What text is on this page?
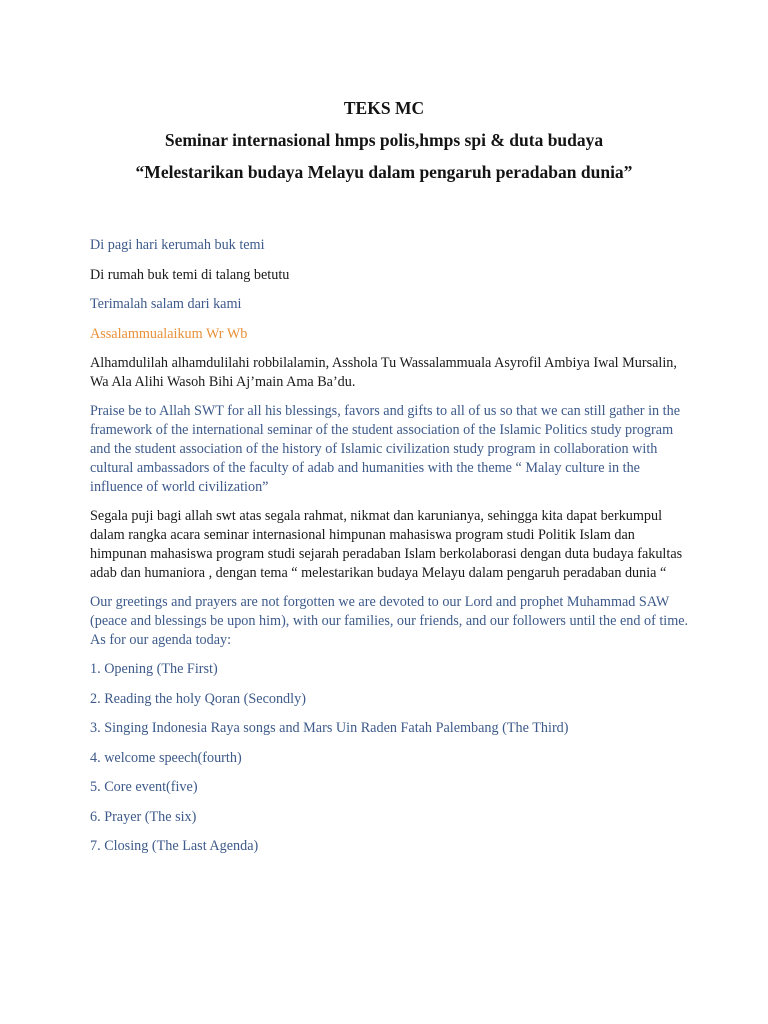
TEKS MC
Seminar internasional hmps polis,hmps spi & duta budaya
“Melestarikan budaya Melayu dalam pengaruh peradaban dunia”
Di pagi hari kerumah buk temi
Di rumah buk temi di talang betutu
Terimalah salam dari kami
Assalammualaikum Wr Wb

Alhamdulilah alhamdulilahi robbilalamin, Asshola Tu Wassalammuala Asyrofil Ambiya Iwal Mursalin, Wa Ala Alihi Wasoh Bihi Aj’main Ama Ba’du.

Praise be to Allah SWT for all his blessings, favors and gifts to all of us so that we can still gather in the framework of the international seminar of the student association of the Islamic Politics study program and the student association of the history of Islamic civilization study program in collaboration with cultural ambassadors of the faculty of adab and humanities with the theme “ Malay culture in the influence of world civilization”

Segala puji bagi allah swt atas segala rahmat, nikmat dan karunianya, sehingga kita dapat berkumpul dalam rangka acara seminar internasional himpunan mahasiswa program studi Politik Islam dan himpunan mahasiswa program studi sejarah peradaban Islam berkolaborasi dengan duta budaya fakultas adab dan humaniora , dengan tema “ melestarikan budaya Melayu dalam pengaruh peradaban dunia “

Our greetings and prayers are not forgotten we are devoted to our Lord and prophet Muhammad SAW (peace and blessings be upon him), with our families, our friends, and our followers until the end of time. As for our agenda today:

1. Opening (The First)
2. Reading the holy Qoran (Secondly)
3. Singing Indonesia Raya songs and Mars Uin Raden Fatah Palembang (The Third)
4. welcome speech(fourth)
5. Core event(five)
6. Prayer (The six)
7. Closing (The Last Agenda)
